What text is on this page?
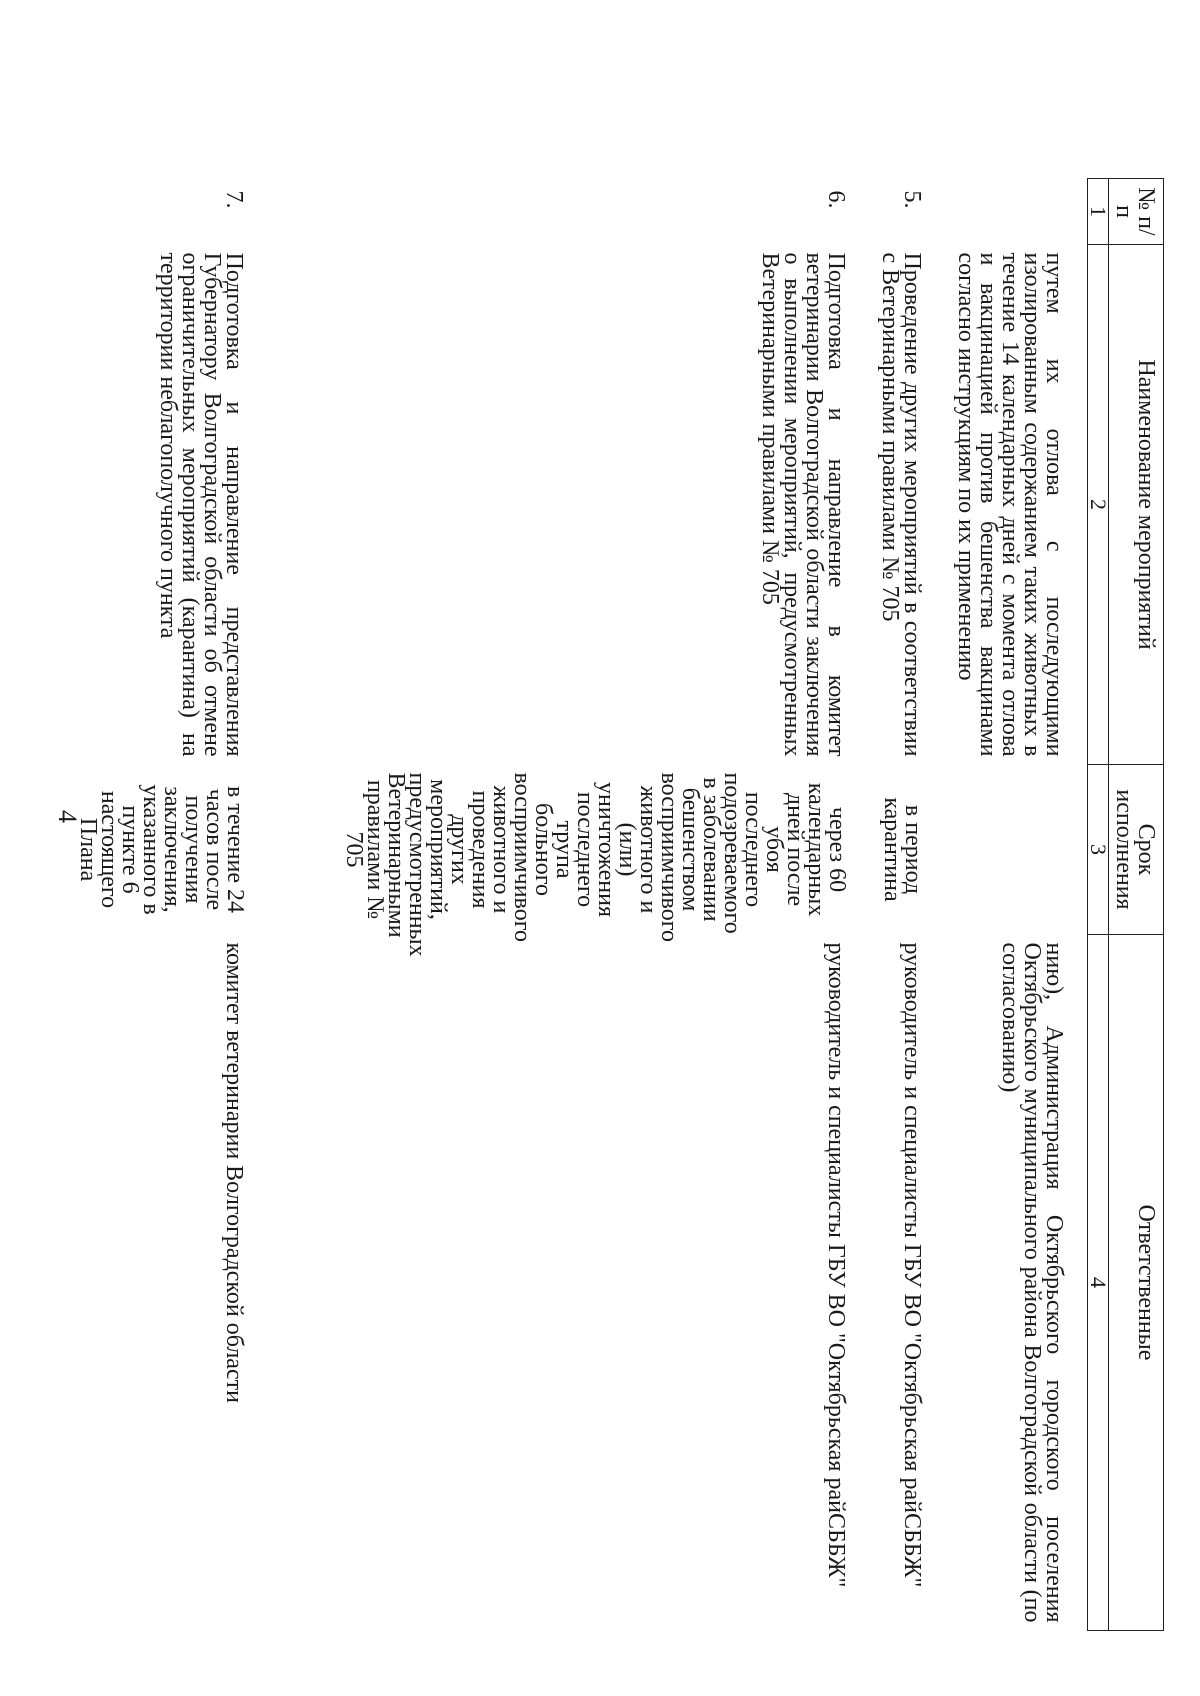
4
№ п/п	Наименование мероприятий	Срок исполнения	Ответственные
1	2	3	4
	путем их отлова с последующими изолированным содержанием таких животных в течение 14 календарных дней с момента отлова и вакцинацией против бешенства вакцинами согласно инструкциям по их применению		нию), Администрация Октябрьского городского поселения Октябрьского муниципального района Волгоградской области (по согласованию)
5.	Проведение других мероприятий в соответствии с Ветеринарными правилами № 705	в период карантина	руководитель и специалисты ГБУ ВО "Октябрьская райСББЖ"
6.	Подготовка и направление в комитет ветеринарии Волгоградской области заключения о выполнении мероприятий, предусмотренных Ветеринарными правилами № 705	через 60 календарных дней после убоя последнего подозреваемого в заболевании бешенством восприимчивого животного и (или) уничтожения последнего трупа больного восприимчивого животного и проведения других мероприятий, предусмотренных Ветеринарными правилами № 705	руководитель и специалисты ГБУ ВО "Октябрьская райСББЖ"
7.	Подготовка и направление представления Губернатору Волгоградской области об отмене ограничительных мероприятий (карантина) на территории неблагополучного пункта	в течение 24 часов после получения заключения, указанного в пункте 6 настоящего Плана	комитет ветеринарии Волгоградской области
